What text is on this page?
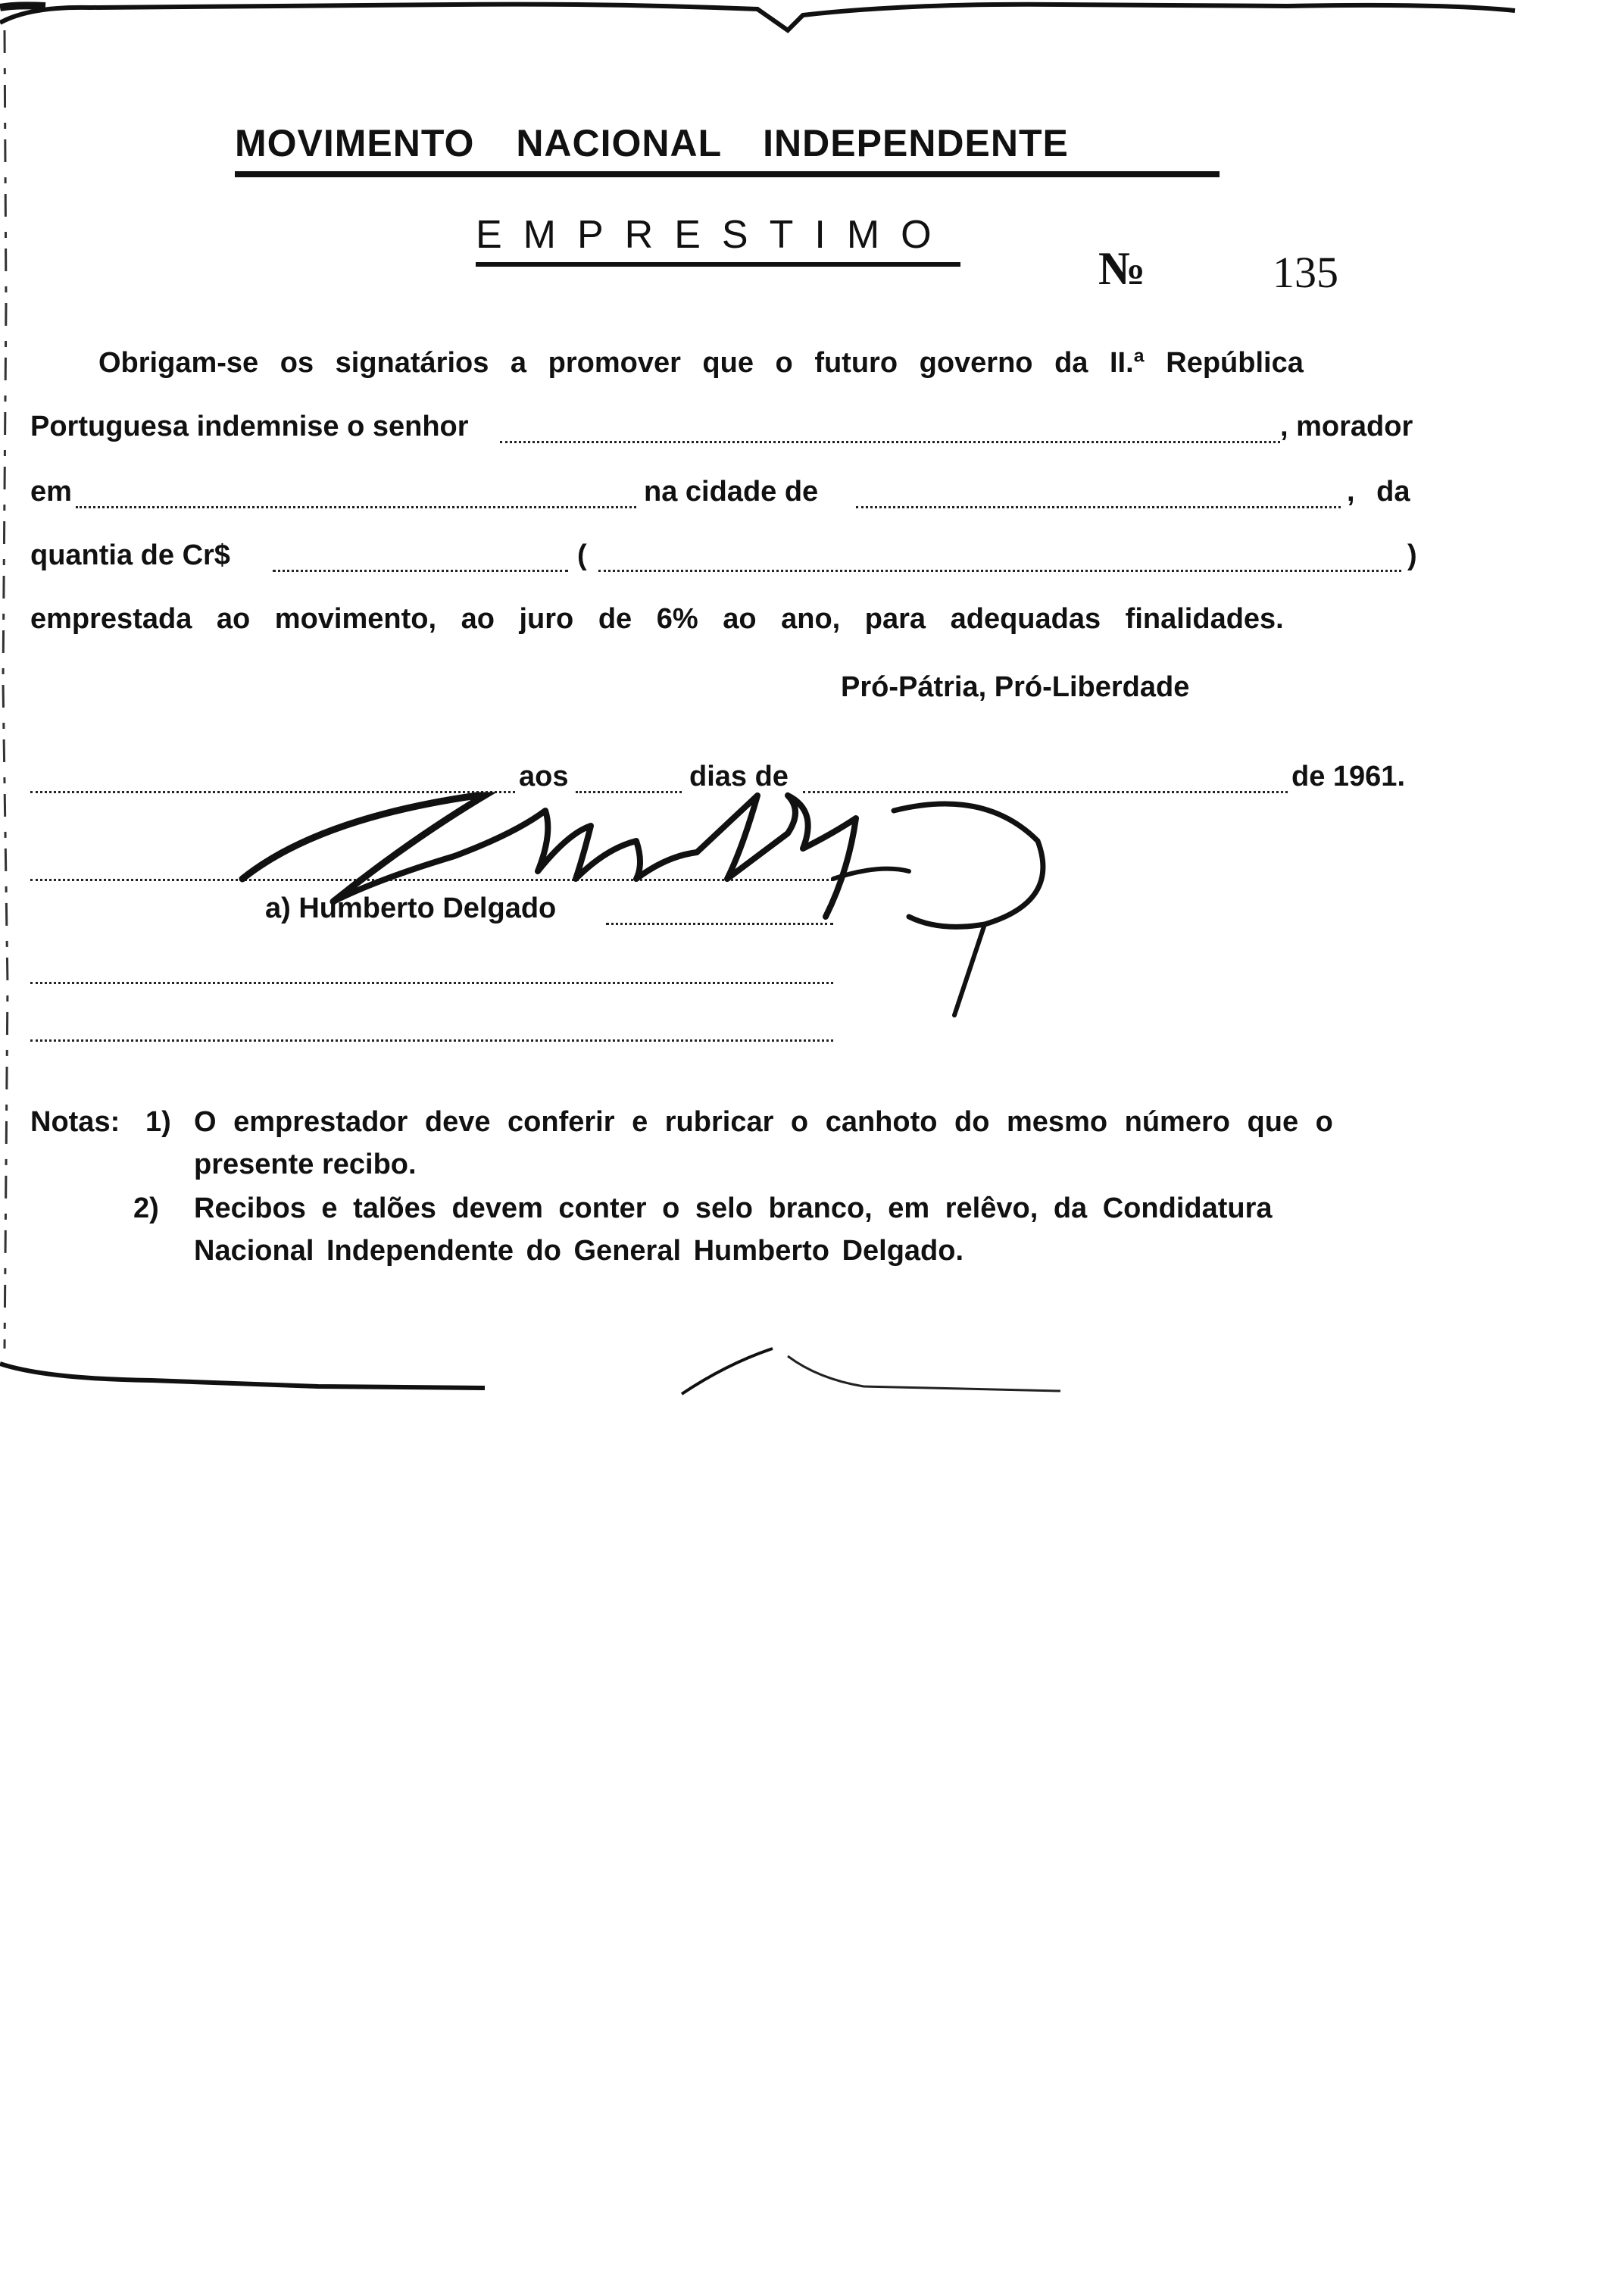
MOVIMENTO NACIONAL INDEPENDENTE
EMPRESTIMO
№	135
Obrigam-se os signatários a promover que o futuro governo da II.ª República
Portuguesa indemnise o senhor	, morador
em	na cidade de	, da
quantia de Cr$	(	)
emprestada ao movimento, ao juro de 6% ao ano, para adequadas finalidades.
Pró-Pátria, Pró-Liberdade
aos	dias de	de 1961.
a) Humberto Delgado
Notas: 1) O emprestador deve conferir e rubricar o canhoto do mesmo número que o
presente recibo.
2) Recibos e talões devem conter o selo branco, em relêvo, da Condidatura
Nacional Independente do General Humberto Delgado.
